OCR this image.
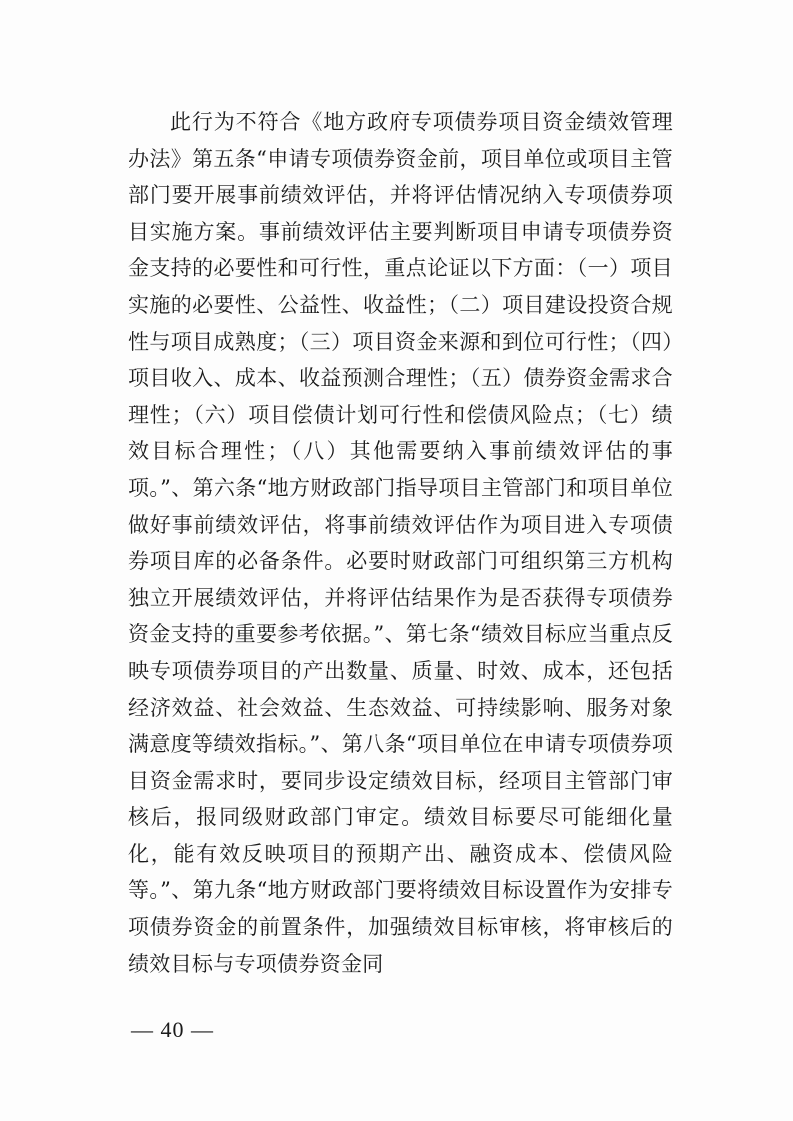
此行为不符合《地方政府专项债券项目资金绩效管理办法》第五条“申请专项债券资金前，项目单位或项目主管部门要开展事前绩效评估，并将评估情况纳入专项债券项目实施方案。事前绩效评估主要判断项目申请专项债券资金支持的必要性和可行性，重点论证以下方面：（一）项目实施的必要性、公益性、收益性；（二）项目建设投资合规性与项目成熟度；（三）项目资金来源和到位可行性；（四）项目收入、成本、收益预测合理性；（五）债券资金需求合理性；（六）项目偿债计划可行性和偿债风险点；（七）绩效目标合理性；（八）其他需要纳入事前绩效评估的事项。”、第六条“地方财政部门指导项目主管部门和项目单位做好事前绩效评估，将事前绩效评估作为项目进入专项债券项目库的必备条件。必要时财政部门可组织第三方机构独立开展绩效评估，并将评估结果作为是否获得专项债券资金支持的重要参考依据。”、第七条“绩效目标应当重点反映专项债券项目的产出数量、质量、时效、成本，还包括经济效益、社会效益、生态效益、可持续影响、服务对象满意度等绩效指标。”、第八条“项目单位在申请专项债券项目资金需求时，要同步设定绩效目标，经项目主管部门审核后，报同级财政部门审定。绩效目标要尽可能细化量化，能有效反映项目的预期产出、融资成本、偿债风险等。”、第九条“地方财政部门要将绩效目标设置作为安排专项债券资金的前置条件，加强绩效目标审核，将审核后的绩效目标与专项债券资金同

— 40 —
